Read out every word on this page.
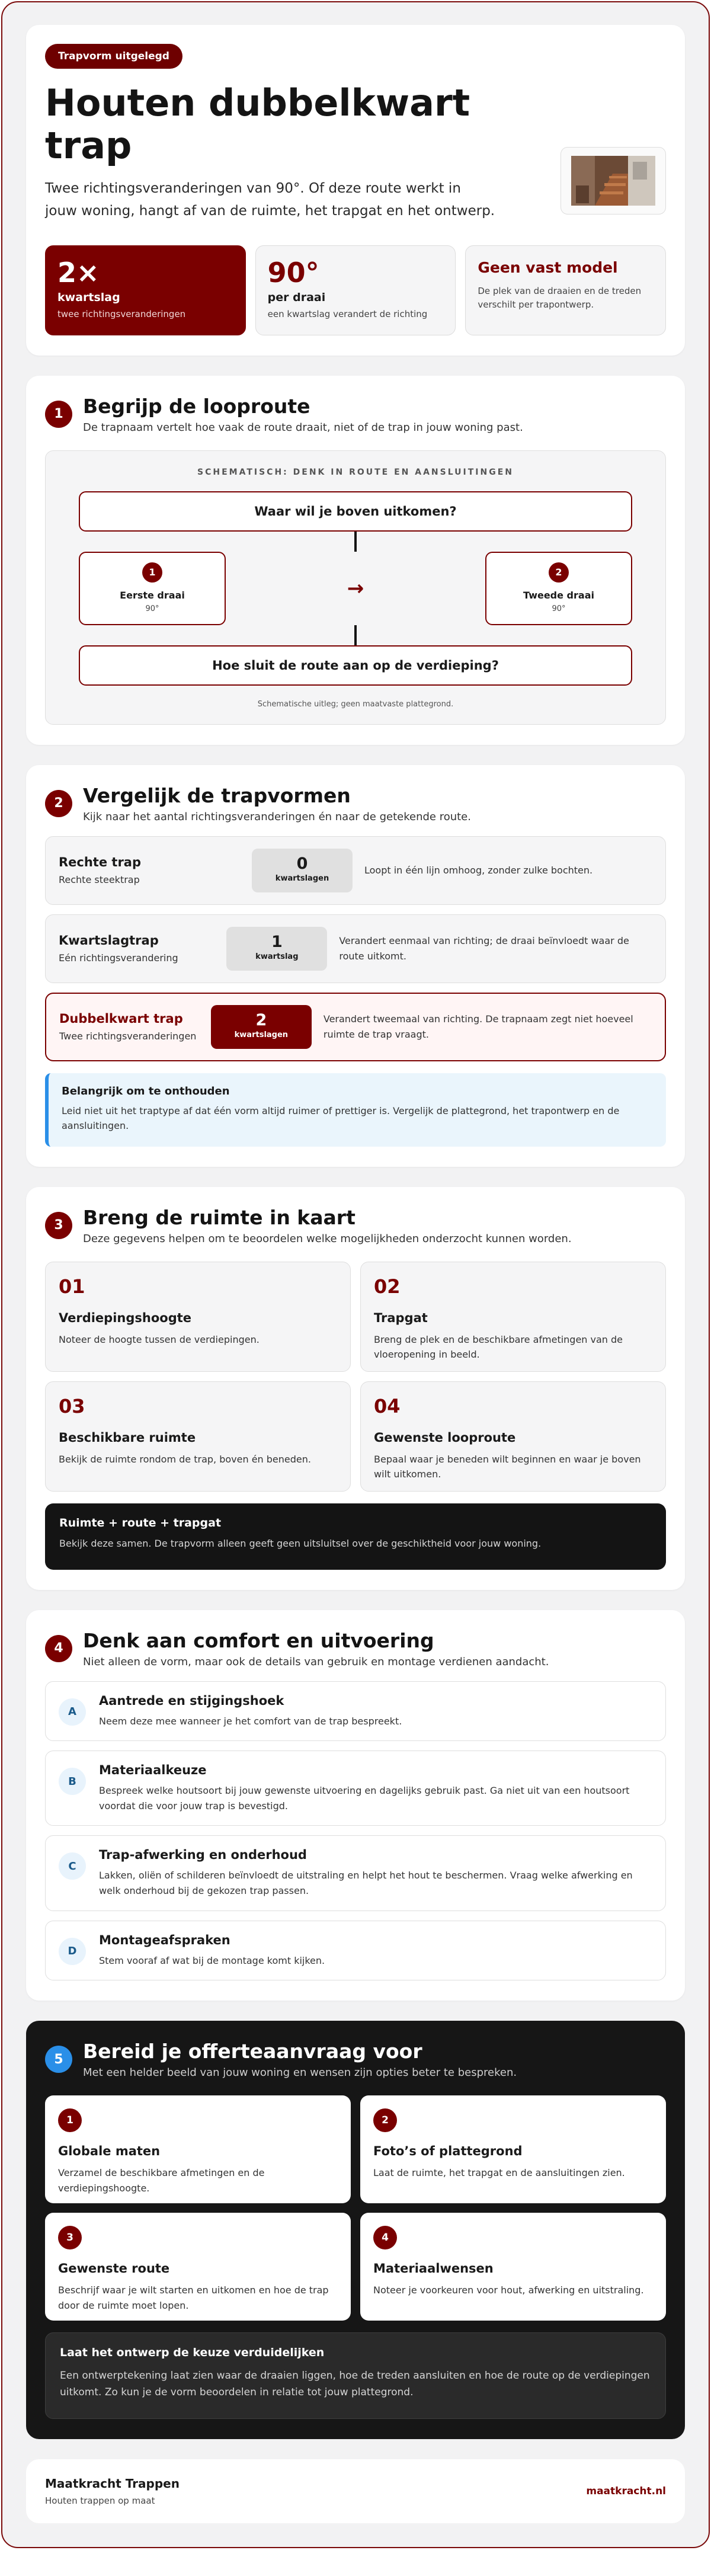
Trapvorm uitgelegd
Houten dubbelkwart trap

Twee richtingsveranderingen van 90°. Of deze route werkt in jouw woning, hangt af van de ruimte, het trapgat en het ontwerp.

2×
kwartslag
twee richtingsveranderingen
90°
per draai
een kwartslag verandert de richting
Geen vast model
De plek van de draaien en de treden verschilt per trapontwerp.
1	Begrijp de looproute

De trapnaam vertelt hoe vaak de route draait, niet of de trap in jouw woning past.

SCHEMATISCH: DENK IN ROUTE EN AANSLUITINGEN
Waar wil je boven uitkomen?
1
Eerste draai
90°
→
2
Tweede draai
90°
Hoe sluit de route aan op de verdieping?
Schematische uitleg; geen maatvaste plattegrond.
2	Vergelijk de trapvormen

Kijk naar het aantal richtingsveranderingen én naar de getekende route.

Rechte trap
Rechte steektrap
0
kwartslagen
Loopt in één lijn omhoog, zonder zulke bochten.
Kwartslagtrap
Eén richtingsverandering
1
kwartslag
Verandert eenmaal van richting; de draai beïnvloedt waar de route uitkomt.
Dubbelkwart trap
Twee richtingsveranderingen
2
kwartslagen
Verandert tweemaal van richting. De trapnaam zegt niet hoeveel ruimte de trap vraagt.
Belangrijk om te onthouden
Leid niet uit het traptype af dat één vorm altijd ruimer of prettiger is. Vergelijk de plattegrond, het trapontwerp en de aansluitingen.
3	Breng de ruimte in kaart

Deze gegevens helpen om te beoordelen welke mogelijkheden onderzocht kunnen worden.

01
Verdiepingshoogte
Noteer de hoogte tussen de verdiepingen.
02
Trapgat
Breng de plek en de beschikbare afmetingen van de vloeropening in beeld.
03
Beschikbare ruimte
Bekijk de ruimte rondom de trap, boven én beneden.
04
Gewenste looproute
Bepaal waar je beneden wilt beginnen en waar je boven wilt uitkomen.
Ruimte + route + trapgat
Bekijk deze samen. De trapvorm alleen geeft geen uitsluitsel over de geschiktheid voor jouw woning.
4	Denk aan comfort en uitvoering

Niet alleen de vorm, maar ook de details van gebruik en montage verdienen aandacht.

A
Aantrede en stijgingshoek
Neem deze mee wanneer je het comfort van de trap bespreekt.
B
Materiaalkeuze
Bespreek welke houtsoort bij jouw gewenste uitvoering en dagelijks gebruik past. Ga niet uit van een houtsoort voordat die voor jouw trap is bevestigd.
C
Trap-afwerking en onderhoud
Lakken, oliën of schilderen beïnvloedt de uitstraling en helpt het hout te beschermen. Vraag welke afwerking en welk onderhoud bij de gekozen trap passen.
D
Montageafspraken
Stem vooraf af wat bij de montage komt kijken.
5	Bereid je offerteaanvraag voor

Met een helder beeld van jouw woning en wensen zijn opties beter te bespreken.

1
Globale maten
Verzamel de beschikbare afmetingen en de verdiepingshoogte.
2
Foto’s of plattegrond
Laat de ruimte, het trapgat en de aansluitingen zien.
3
Gewenste route
Beschrijf waar je wilt starten en uitkomen en hoe de trap door de ruimte moet lopen.
4
Materiaalwensen
Noteer je voorkeuren voor hout, afwerking en uitstraling.
Laat het ontwerp de keuze verduidelijken
Een ontwerptekening laat zien waar de draaien liggen, hoe de treden aansluiten en hoe de route op de verdiepingen uitkomt. Zo kun je de vorm beoordelen in relatie tot jouw plattegrond.
Maatkracht Trappen
Houten trappen op maat
maatkracht.nl
